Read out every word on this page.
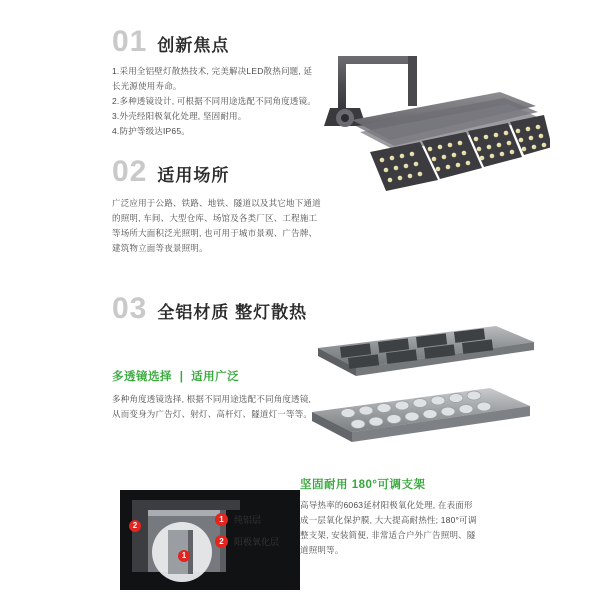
01 创新焦点
1.采用全铝壁灯散热技术, 完美解决LED散热问题, 延
长光源使用寿命。
2.多种透镜设计, 可根据不同用途选配不同角度透镜。
3.外壳经阳极氧化处理, 坚固耐用。
4.防护等级达IP65。
02 适用场所
广泛应用于公路、铁路、地铁、隧道以及其它地下通道
的照明, 车间、大型仓库、场馆及各类厂区、工程施工
等场所大面积泛光照明, 也可用于城市景观、广告牌、
建筑物立面等夜景照明。
03 全铝材质 整灯散热
多透镜选择 | 适用广泛
多种角度透镜选择, 根据不同用途选配不同角度透镜,
从而变身为广告灯、射灯、高杆灯、隧道灯一等等。
坚固耐用 180°可调支架
高导热率的6063延材阳极氧化处理, 在表面形
成一层氧化保护膜, 大大提高耐热性; 180°可调
整支架, 安装简便, 非常适合户外广告照明、隧
道照明等。
2
1
1	纯铝层
2	阳极氧化层
